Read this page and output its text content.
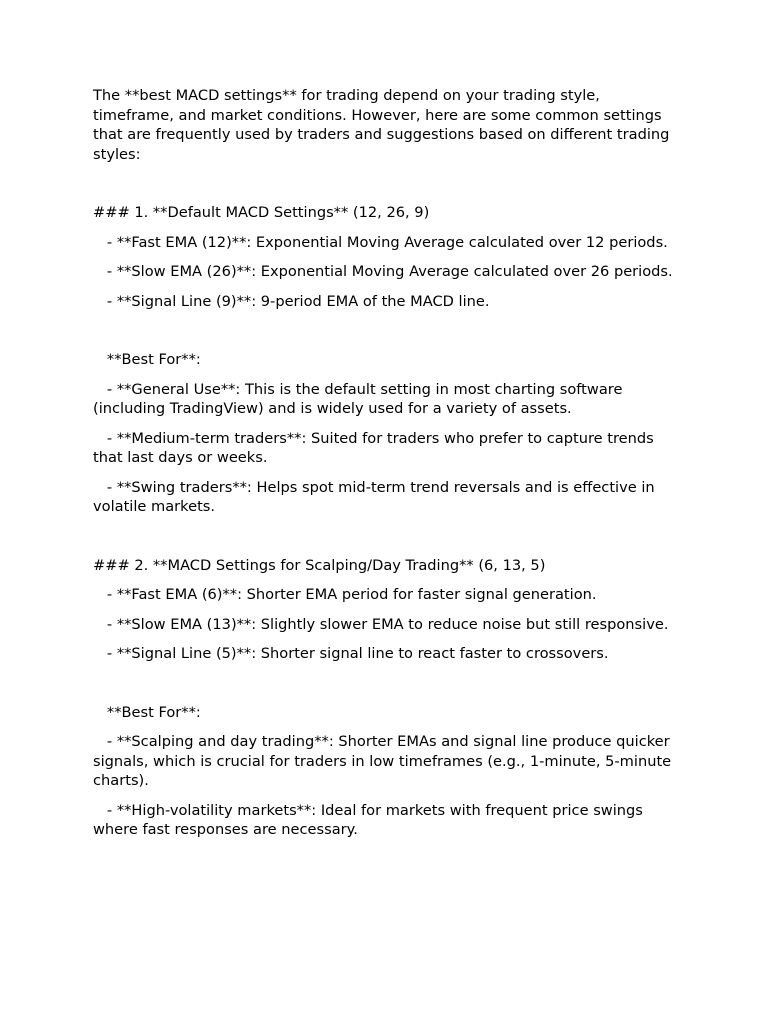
The **best MACD settings** for trading depend on your trading style, timeframe, and market conditions. However, here are some common settings that are frequently used by traders and suggestions based on different trading styles:

### 1. **Default MACD Settings** (12, 26, 9)

- **Fast EMA (12)**: Exponential Moving Average calculated over 12 periods.

- **Slow EMA (26)**: Exponential Moving Average calculated over 26 periods.

- **Signal Line (9)**: 9-period EMA of the MACD line.

**Best For**:

- **General Use**: This is the default setting in most charting software (including TradingView) and is widely used for a variety of assets.

- **Medium-term traders**: Suited for traders who prefer to capture trends that last days or weeks.

- **Swing traders**: Helps spot mid-term trend reversals and is effective in volatile markets.

### 2. **MACD Settings for Scalping/Day Trading** (6, 13, 5)

- **Fast EMA (6)**: Shorter EMA period for faster signal generation.

- **Slow EMA (13)**: Slightly slower EMA to reduce noise but still responsive.

- **Signal Line (5)**: Shorter signal line to react faster to crossovers.

**Best For**:

- **Scalping and day trading**: Shorter EMAs and signal line produce quicker signals, which is crucial for traders in low timeframes (e.g., 1-minute, 5-minute charts).

- **High-volatility markets**: Ideal for markets with frequent price swings where fast responses are necessary.
